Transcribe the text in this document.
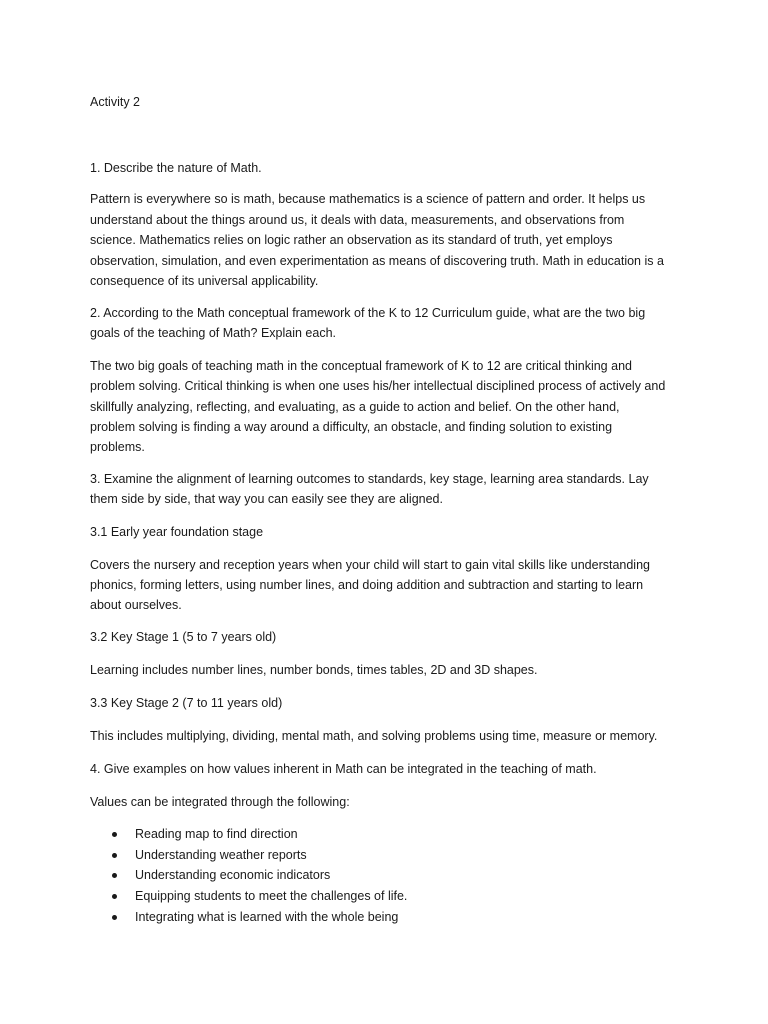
Activity 2

1. Describe the nature of Math.

Pattern is everywhere so is math, because mathematics is a science of pattern and order. It helps us

understand about the things around us, it deals with data, measurements, and observations from

science. Mathematics relies on logic rather an observation as its standard of truth, yet employs

observation, simulation, and even experimentation as means of discovering truth. Math in education is a

consequence of its universal applicability.

2. According to the Math conceptual framework of the K to 12 Curriculum guide, what are the two big

goals of the teaching of Math? Explain each.

The two big goals of teaching math in the conceptual framework of K to 12 are critical thinking and

problem solving. Critical thinking is when one uses his/her intellectual disciplined process of actively and

skillfully analyzing, reflecting, and evaluating, as a guide to action and belief. On the other hand,

problem solving is finding a way around a difficulty, an obstacle, and finding solution to existing

problems.

3. Examine the alignment of learning outcomes to standards, key stage, learning area standards. Lay

them side by side, that way you can easily see they are aligned.

3.1 Early year foundation stage

Covers the nursery and reception years when your child will start to gain vital skills like understanding

phonics, forming letters, using number lines, and doing addition and subtraction and starting to learn

about ourselves.

3.2 Key Stage 1 (5 to 7 years old)

Learning includes number lines, number bonds, times tables, 2D and 3D shapes.

3.3 Key Stage 2 (7 to 11 years old)

This includes multiplying, dividing, mental math, and solving problems using time, measure or memory.

4. Give examples on how values inherent in Math can be integrated in the teaching of math.

Values can be integrated through the following:

Reading map to find direction
Understanding weather reports
Understanding economic indicators
Equipping students to meet the challenges of life.
Integrating what is learned with the whole being
